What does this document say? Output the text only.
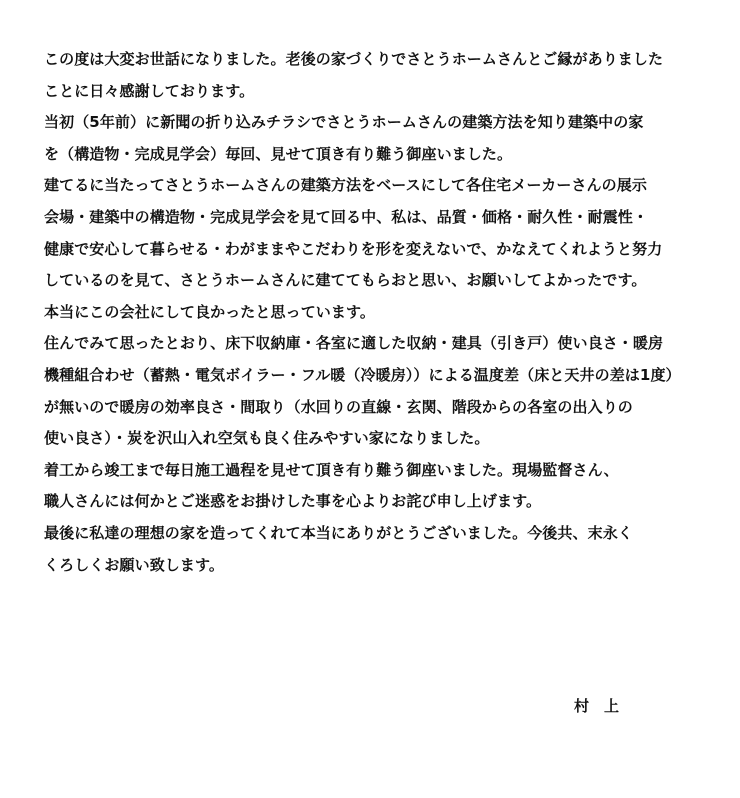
この度は大変お世話になりました。老後の家づくりでさとうホームさんとご縁がありました
ことに日々感謝しております。
当初（5年前）に新聞の折り込みチラシでさとうホームさんの建築方法を知り建築中の家
を（構造物・完成見学会）毎回、見せて頂き有り難う御座いました。
建てるに当たってさとうホームさんの建築方法をベースにして各住宅メーカーさんの展示
会場・建築中の構造物・完成見学会を見て回る中、私は、品質・価格・耐久性・耐震性・
健康で安心して暮らせる・わがままやこだわりを形を変えないで、かなえてくれようと努力
しているのを見て、さとうホームさんに建ててもらおと思い、お願いしてよかったです。
本当にこの会社にして良かったと思っています。
住んでみて思ったとおり、床下収納庫・各室に適した収納・建具（引き戸）使い良さ・暖房
機種組合わせ（蓄熱・電気ボイラー・フル暖（冷暖房））による温度差（床と天井の差は1度）
が無いので暖房の効率良さ・間取り（水回りの直線・玄関、階段からの各室の出入りの
使い良さ）・炭を沢山入れ空気も良く住みやすい家になりました。
着工から竣工まで毎日施工過程を見せて頂き有り難う御座いました。現場監督さん、
職人さんには何かとご迷惑をお掛けした事を心よりお詫び申し上げます。
最後に私達の理想の家を造ってくれて本当にありがとうございました。今後共、末永く
くろしくお願い致します。
村　上
